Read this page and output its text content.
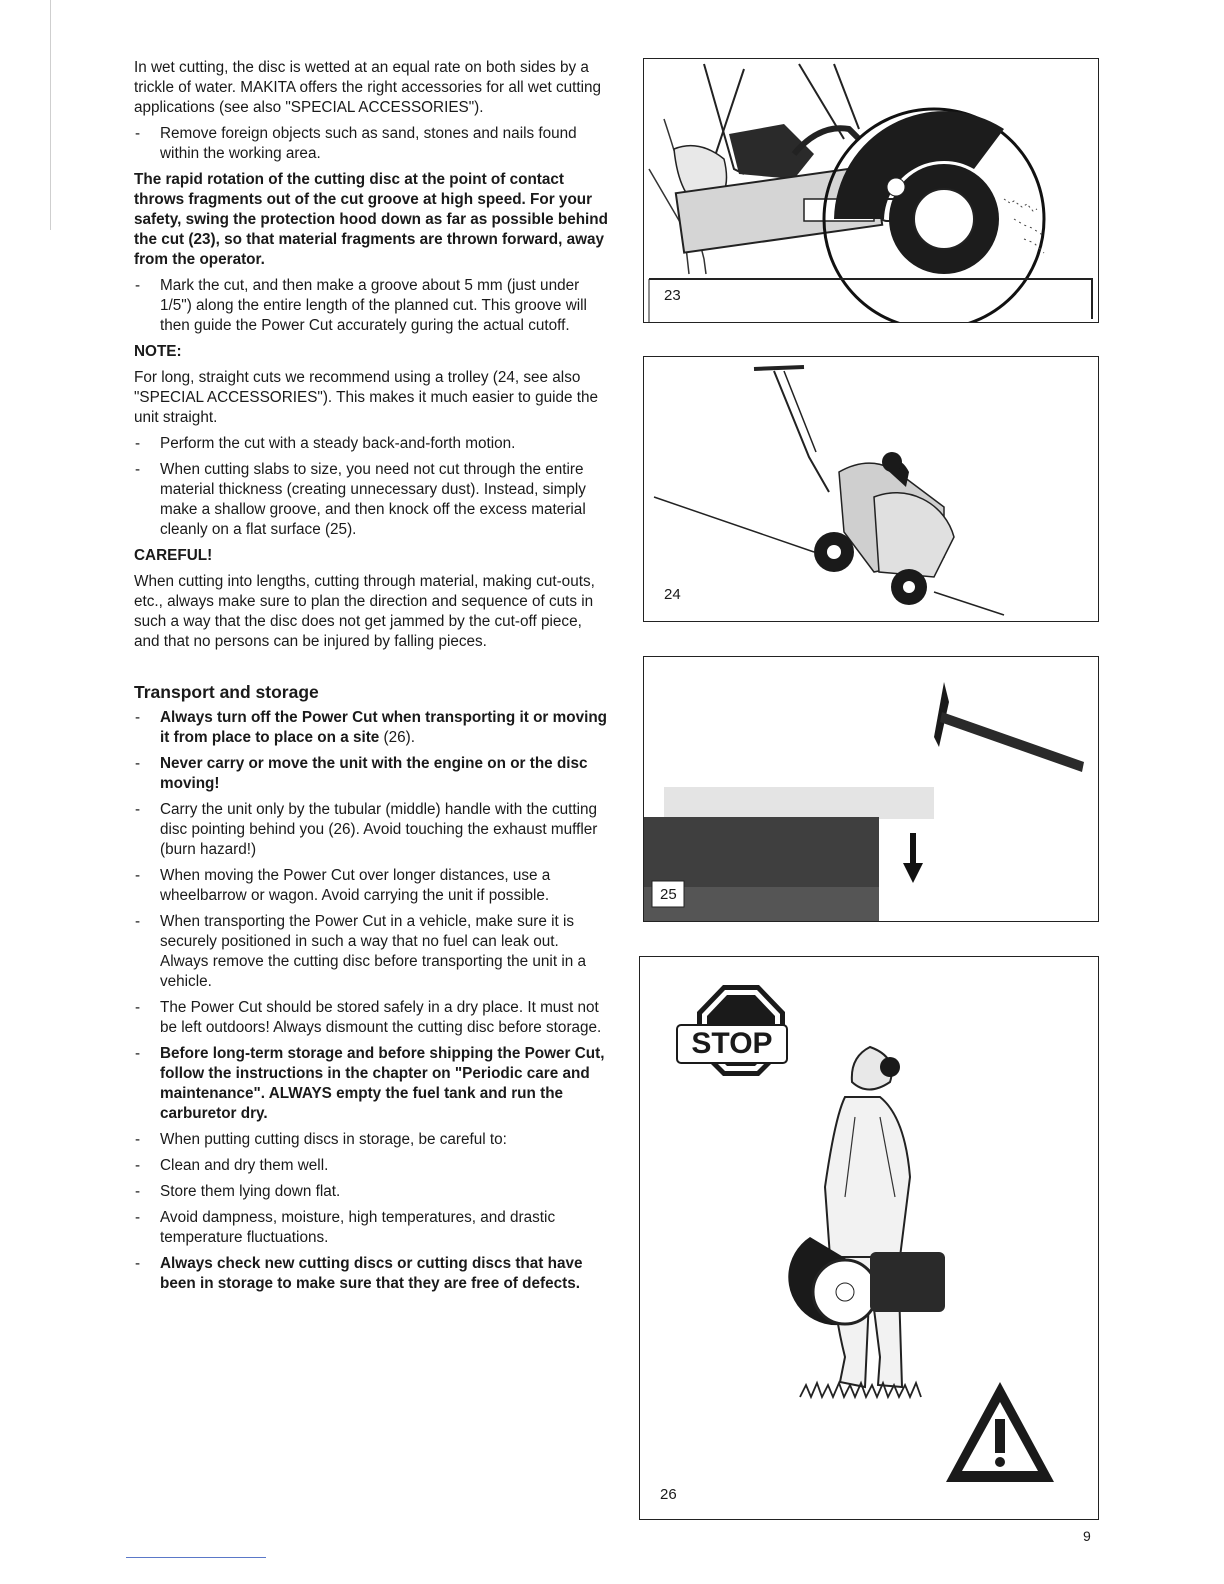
In wet cutting, the disc is wetted at an equal rate on both sides by a trickle of water. MAKITA offers the right accessories for all wet cutting applications (see also "SPECIAL ACCESSORIES").

- Remove foreign objects such as sand, stones and nails found within the working area.

The rapid rotation of the cutting disc at the point of contact throws fragments out of the cut groove at high speed. For your safety, swing the protection hood down as far as possible behind the cut (23), so that material fragments are thrown forward, away from the operator.

- Mark the cut, and then make a groove about 5 mm (just under 1/5") along the entire length of the planned cut. This groove will then guide the Power Cut accurately guring the actual cutoff.
NOTE:

For long, straight cuts we recommend using a trolley (24, see also "SPECIAL ACCESSORIES"). This makes it much easier to guide the unit straight.

- Perform the cut with a steady back-and-forth motion.
- When cutting slabs to size, you need not cut through the entire material thickness (creating unnecessary dust). Instead, simply make a shallow groove, and then knock off the excess material cleanly on a flat surface (25).
CAREFUL!

When cutting into lengths, cutting through material, making cut-outs, etc., always make sure to plan the direction and sequence of cuts in such a way that the disc does not get jammed by the cut-off piece, and that no persons can be injured by falling pieces.

Transport and storage
- Always turn off the Power Cut when transporting it or moving it from place to place on a site (26).
- Never carry or move the unit with the engine on or the disc moving!
- Carry the unit only by the tubular (middle) handle with the cutting disc pointing behind you (26). Avoid touching the exhaust muffler (burn hazard!)
- When moving the Power Cut over longer distances, use a wheelbarrow or wagon. Avoid carrying the unit if possible.
- When transporting the Power Cut in a vehicle, make sure it is securely positioned in such a way that no fuel can leak out. Always remove the cutting disc before transporting the unit in a vehicle.
- The Power Cut should be stored safely in a dry place. It must not be left outdoors! Always dismount the cutting disc before storage.
- Before long-term storage and before shipping the Power Cut, follow the instructions in the chapter on "Periodic care and maintenance". ALWAYS empty the fuel tank and run the carburetor dry.
- When putting cutting discs in storage, be careful to:
- Clean and dry them well.
- Store them lying down flat.
- Avoid dampness, moisture, high temperatures, and drastic temperature fluctuations.
- Always check new cutting discs or cutting discs that have been in storage to make sure that they are free of defects.
23
24
25
STOP
26
9
